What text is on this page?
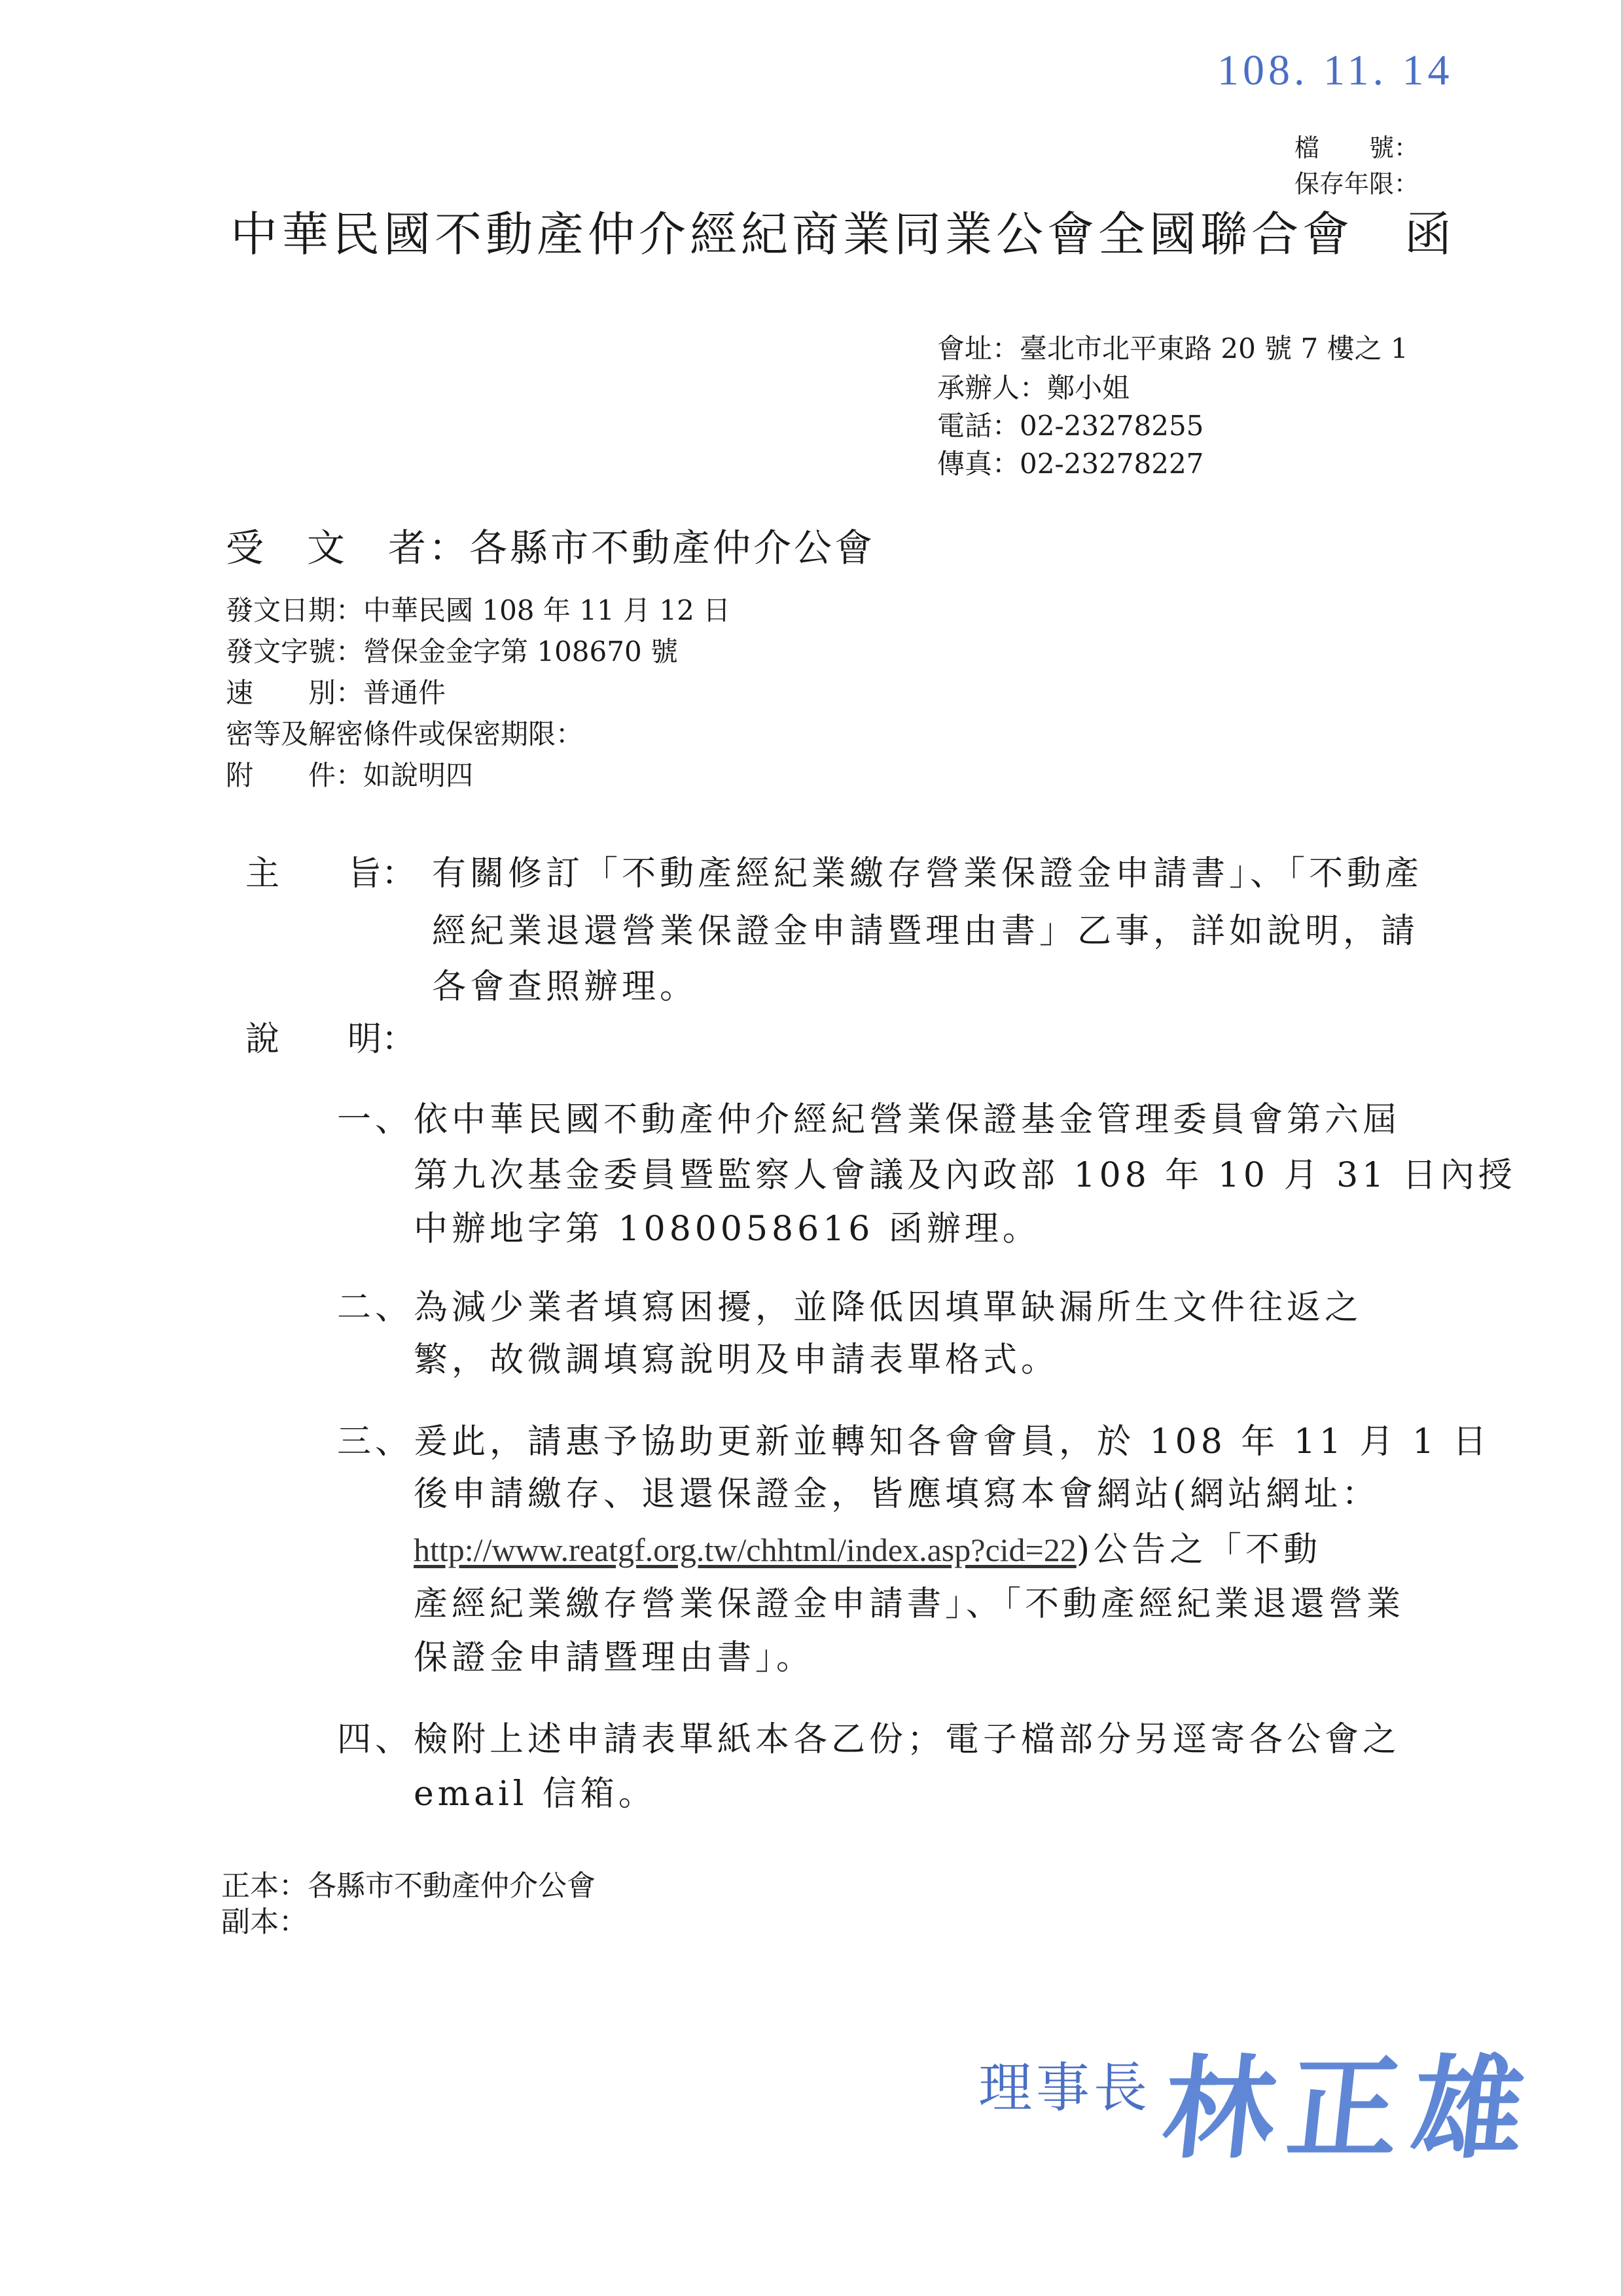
108. 11. 14
檔　　號：
保存年限：
中華民國不動產仲介經紀商業同業公會全國聯合會　函
會址：臺北市北平東路 20 號 7 樓之 1
承辦人：鄭小姐
電話：02-23278255
傳真：02-23278227
受　文　者：各縣市不動產仲介公會
發文日期：中華民國 108 年 11 月 12 日
發文字號：營保金金字第 108670 號
速　　別：普通件
密等及解密條件或保密期限：
附　　件：如說明四
主　　旨： 有關修訂「不動產經紀業繳存營業保證金申請書」、「不動產
經紀業退還營業保證金申請暨理由書」乙事，詳如說明，請
各會查照辦理。
說　　明：
一、 依中華民國不動產仲介經紀營業保證基金管理委員會第六屆
第九次基金委員暨監察人會議及內政部 108 年 10 月 31 日內授
中辦地字第 1080058616 函辦理。
二、 為減少業者填寫困擾，並降低因填單缺漏所生文件往返之
繁，故微調填寫說明及申請表單格式。
三、 爰此，請惠予協助更新並轉知各會會員，於 108 年 11 月 1 日
後申請繳存、退還保證金，皆應填寫本會網站(網站網址：
http://www.reatgf.org.tw/chhtml/index.asp?cid=22)公告之「不動
產經紀業繳存營業保證金申請書」、「不動產經紀業退還營業
保證金申請暨理由書」。
四、 檢附上述申請表單紙本各乙份；電子檔部分另逕寄各公會之
email 信箱。
正本：各縣市不動產仲介公會
副本：
理事長 林正雄
